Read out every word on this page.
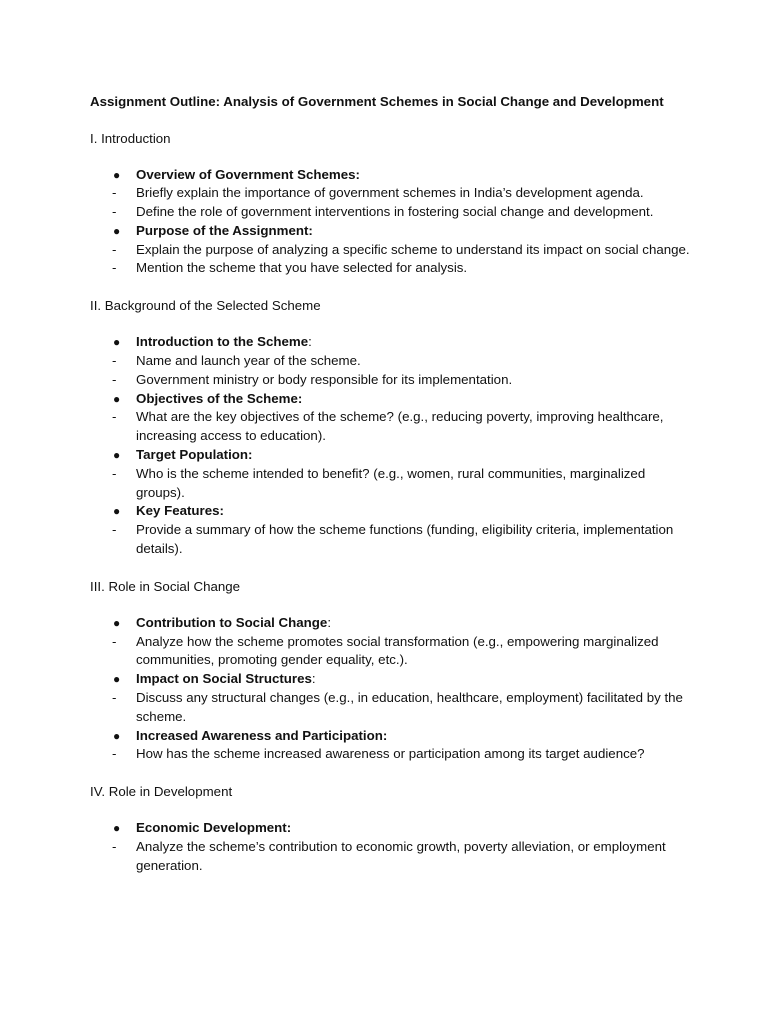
Assignment Outline: Analysis of Government Schemes in Social Change and Development

I. Introduction

●	Overview of Government Schemes:
-	Briefly explain the importance of government schemes in India’s development agenda.
-	Define the role of government interventions in fostering social change and development.
●	Purpose of the Assignment:
-	Explain the purpose of analyzing a specific scheme to understand its impact on social change.
-	Mention the scheme that you have selected for analysis.

II. Background of the Selected Scheme

●	Introduction to the Scheme:
-	Name and launch year of the scheme.
-	Government ministry or body responsible for its implementation.
●	Objectives of the Scheme:
-	What are the key objectives of the scheme? (e.g., reducing poverty, improving healthcare, increasing access to education).
●	Target Population:
-	Who is the scheme intended to benefit? (e.g., women, rural communities, marginalized groups).
●	Key Features:
-	Provide a summary of how the scheme functions (funding, eligibility criteria, implementation details).

III. Role in Social Change

●	Contribution to Social Change:
-	Analyze how the scheme promotes social transformation (e.g., empowering marginalized communities, promoting gender equality, etc.).
●	Impact on Social Structures:
-	Discuss any structural changes (e.g., in education, healthcare, employment) facilitated by the scheme.
●	Increased Awareness and Participation:
-	How has the scheme increased awareness or participation among its target audience?

IV. Role in Development

●	Economic Development:
-	Analyze the scheme’s contribution to economic growth, poverty alleviation, or employment generation.
